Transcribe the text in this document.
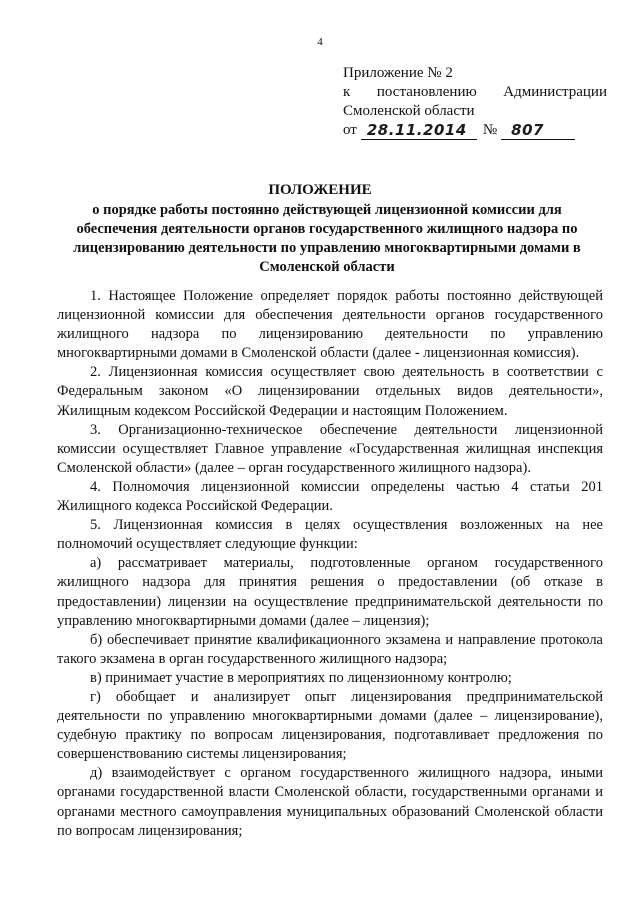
4
Приложение № 2
к постановлению Администрации
Смоленской области
от 28.11.2014 № 807
ПОЛОЖЕНИЕ
о порядке работы постоянно действующей лицензионной комиссии для обеспечения деятельности органов государственного жилищного надзора по лицензированию деятельности по управлению многоквартирными домами в Смоленской области

1. Настоящее Положение определяет порядок работы постоянно действующей лицензионной комиссии для обеспечения деятельности органов государственного жилищного надзора по лицензированию деятельности по управлению многоквартирными домами в Смоленской области (далее - лицензионная комиссия).

2. Лицензионная комиссия осуществляет свою деятельность в соответствии с Федеральным законом «О лицензировании отдельных видов деятельности», Жилищным кодексом Российской Федерации и настоящим Положением.

3. Организационно-техническое обеспечение деятельности лицензионной комиссии осуществляет Главное управление «Государственная жилищная инспекция Смоленской области» (далее – орган государственного жилищного надзора).

4. Полномочия лицензионной комиссии определены частью 4 статьи 201 Жилищного кодекса Российской Федерации.

5. Лицензионная комиссия в целях осуществления возложенных на нее полномочий осуществляет следующие функции:

а) рассматривает материалы, подготовленные органом государственного жилищного надзора для принятия решения о предоставлении (об отказе в предоставлении) лицензии на осуществление предпринимательской деятельности по управлению многоквартирными домами (далее – лицензия);

б) обеспечивает принятие квалификационного экзамена и направление протокола такого экзамена в орган государственного жилищного надзора;

в) принимает участие в мероприятиях по лицензионному контролю;

г) обобщает и анализирует опыт лицензирования предпринимательской деятельности по управлению многоквартирными домами (далее – лицензирование), судебную практику по вопросам лицензирования, подготавливает предложения по совершенствованию системы лицензирования;

д) взаимодействует с органом государственного жилищного надзора, иными органами государственной власти Смоленской области, государственными органами и органами местного самоуправления муниципальных образований Смоленской области по вопросам лицензирования;
